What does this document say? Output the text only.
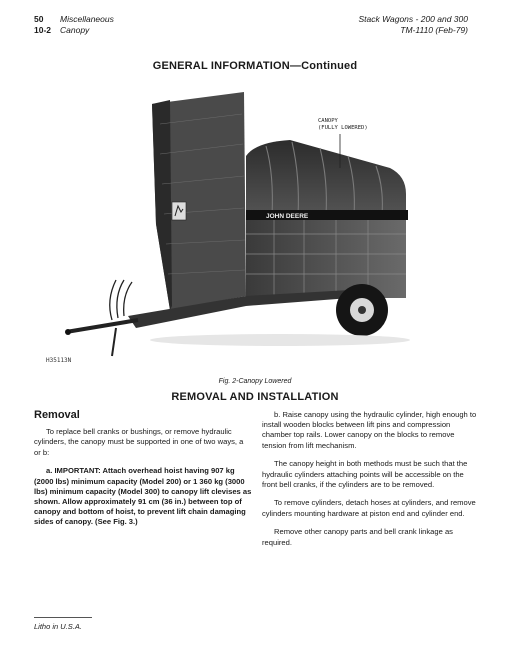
50 Miscellaneous
10-2 Canopy
Stack Wagons - 200 and 300
TM-1110 (Feb-79)
GENERAL INFORMATION—Continued
JOHN DEERE
CANOPY
(FULLY LOWERED)
H35113N
Fig. 2-Canopy Lowered
REMOVAL AND INSTALLATION
Removal

To replace bell cranks or bushings, or remove hydraulic cylinders, the canopy must be supported in one of two ways, a or b:

a. IMPORTANT: Attach overhead hoist having 907 kg (2000 lbs) minimum capacity (Model 200) or 1 360 kg (3000 lbs) minimum capacity (Model 300) to canopy lift clevises as shown. Allow approximately 91 cm (36 in.) between top of canopy and bottom of hoist, to prevent lift chain damaging sides of canopy. (See Fig. 3.)

b. Raise canopy using the hydraulic cylinder, high enough to install wooden blocks between lift pins and compression chamber top rails. Lower canopy on the blocks to remove tension from lift mechanism.

The canopy height in both methods must be such that the hydraulic cylinders attaching points will be accessible on the front bell cranks, if the cylinders are to be removed.

To remove cylinders, detach hoses at cylinders, and remove cylinders mounting hardware at piston end and cylinder end.

Remove other canopy parts and bell crank linkage as required.

Litho in U.S.A.
